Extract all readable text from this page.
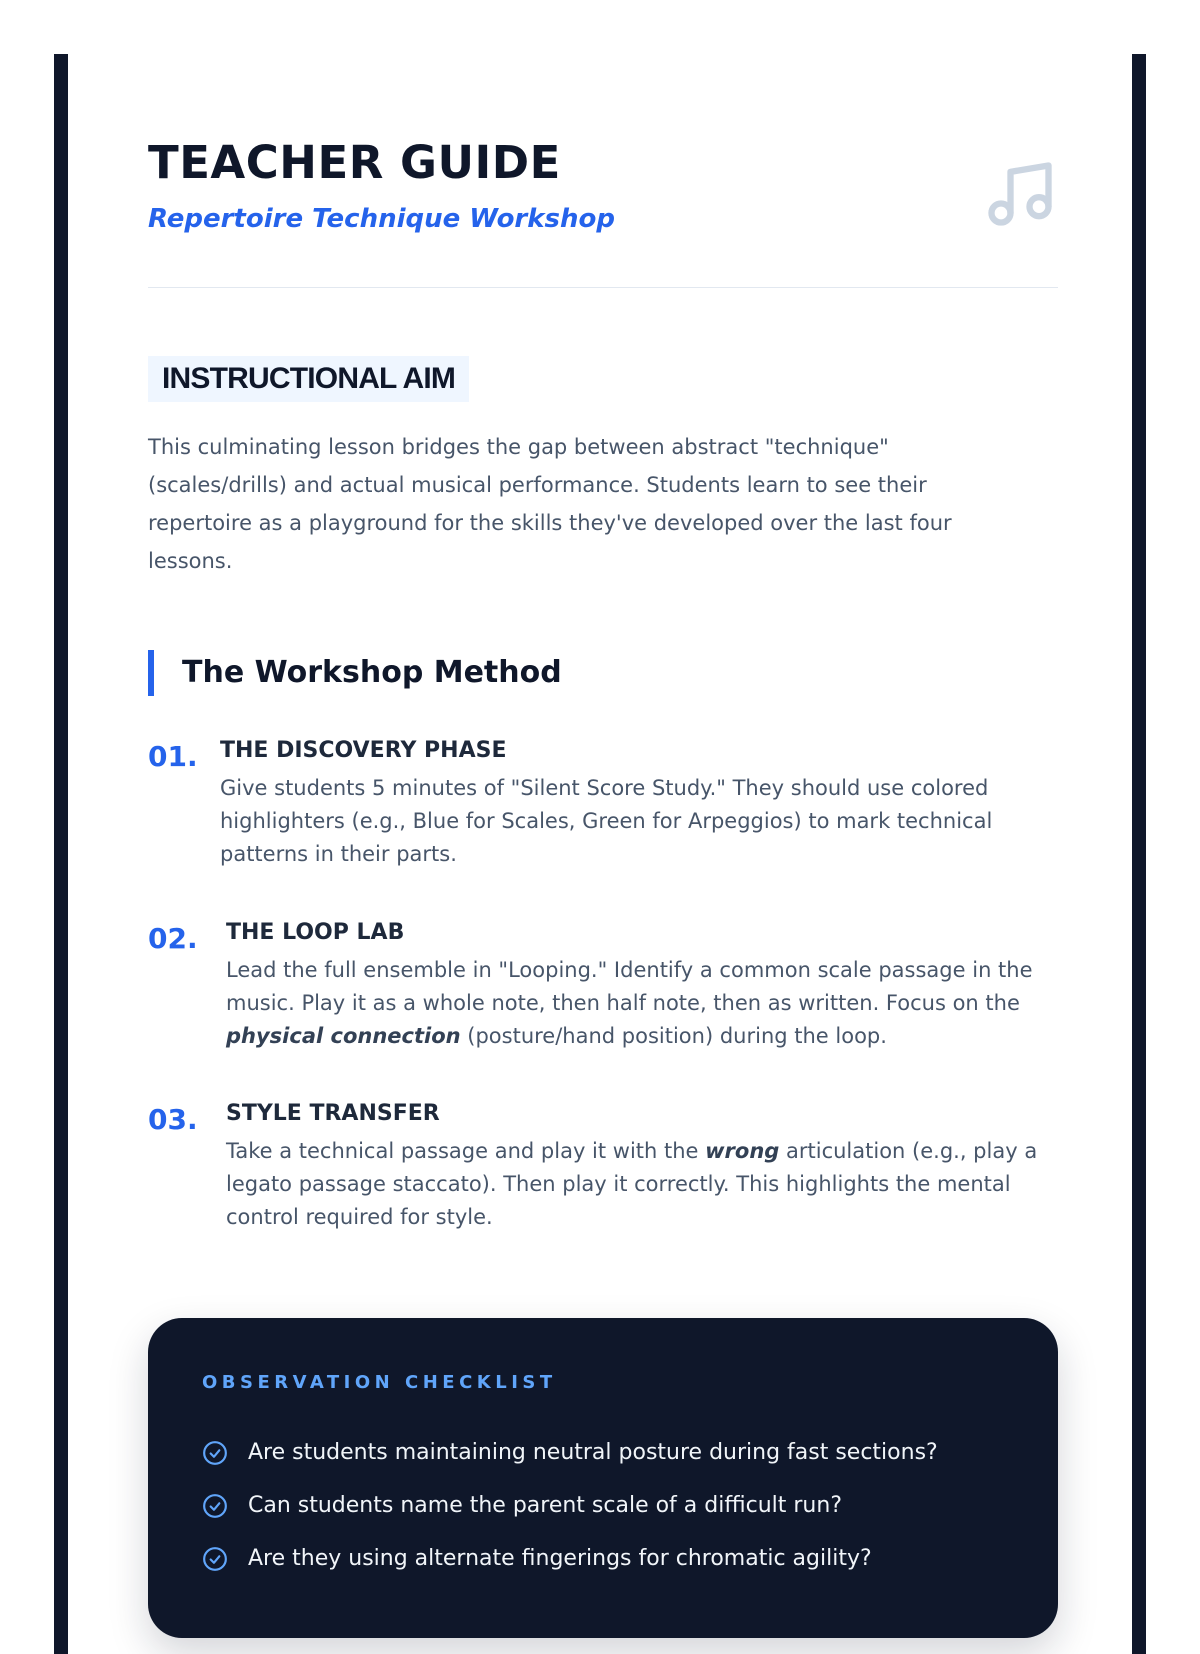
TEACHER GUIDE
Repertoire Technique Workshop
INSTRUCTIONAL AIM

This culminating lesson bridges the gap between abstract "technique" (scales/drills) and actual musical performance. Students learn to see their repertoire as a playground for the skills they've developed over the last four lessons.

The Workshop Method
01. THE DISCOVERY PHASE

Give students 5 minutes of "Silent Score Study." They should use colored highlighters (e.g., Blue for Scales, Green for Arpeggios) to mark technical patterns in their parts.

02. THE LOOP LAB

Lead the full ensemble in "Looping." Identify a common scale passage in the music. Play it as a whole note, then half note, then as written. Focus on the physical connection (posture/hand position) during the loop.

03. STYLE TRANSFER

Take a technical passage and play it with the wrong articulation (e.g., play a legato passage staccato). Then play it correctly. This highlights the mental control required for style.

OBSERVATION CHECKLIST
Are students maintaining neutral posture during fast sections?
Can students name the parent scale of a difficult run?
Are they using alternate fingerings for chromatic agility?
